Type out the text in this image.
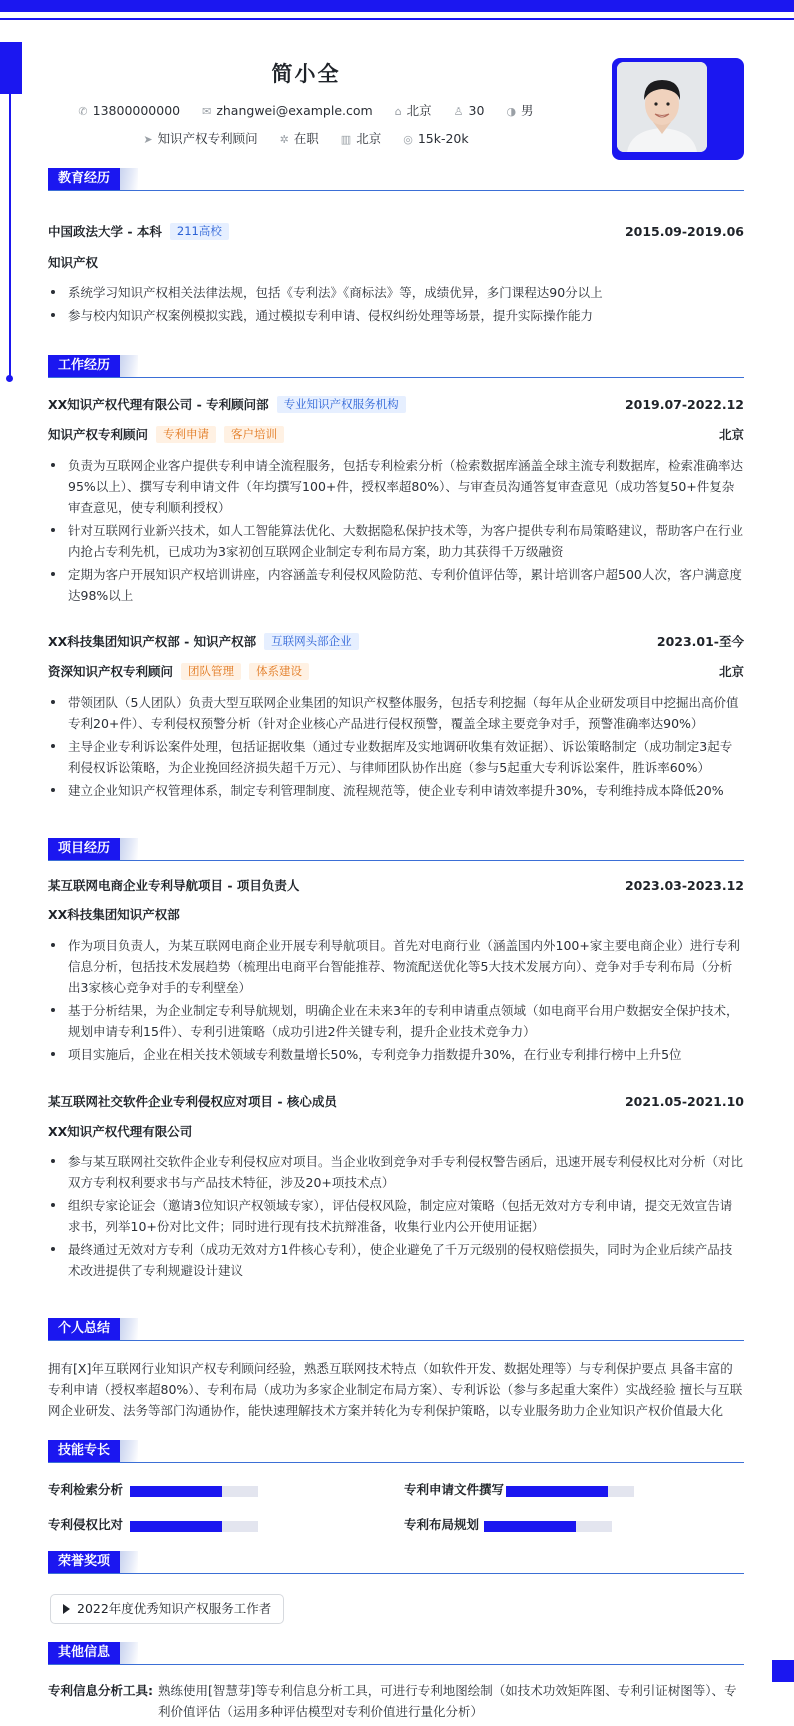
简小全
✆ 13800000000 ✉ zhangwei@example.com ⌂ 北京 ♙ 30 ◑ 男
➤ 知识产权专利顾问 ✲ 在职 ▥ 北京 ◎ 15k-20k
教育经历
中国政法大学 - 本科 211高校	2015.09-2019.06
知识产权
系统学习知识产权相关法律法规，包括《专利法》《商标法》等，成绩优异，多门课程达90分以上
参与校内知识产权案例模拟实践，通过模拟专利申请、侵权纠纷处理等场景，提升实际操作能力
工作经历
XX知识产权代理有限公司 - 专利顾问部 专业知识产权服务机构	2019.07-2022.12
知识产权专利顾问 专利申请 客户培训	北京
负责为互联网企业客户提供专利申请全流程服务，包括专利检索分析（检索数据库涵盖全球主流专利数据库，检索准确率达95%以上）、撰写专利申请文件（年均撰写100+件，授权率超80%）、与审查员沟通答复审查意见（成功答复50+件复杂审查意见，使专利顺利授权）
针对互联网行业新兴技术，如人工智能算法优化、大数据隐私保护技术等，为客户提供专利布局策略建议，帮助客户在行业内抢占专利先机，已成功为3家初创互联网企业制定专利布局方案，助力其获得千万级融资
定期为客户开展知识产权培训讲座，内容涵盖专利侵权风险防范、专利价值评估等，累计培训客户超500人次，客户满意度达98%以上
XX科技集团知识产权部 - 知识产权部 互联网头部企业	2023.01-至今
资深知识产权专利顾问 团队管理 体系建设	北京
带领团队（5人团队）负责大型互联网企业集团的知识产权整体服务，包括专利挖掘（每年从企业研发项目中挖掘出高价值专利20+件）、专利侵权预警分析（针对企业核心产品进行侵权预警，覆盖全球主要竞争对手，预警准确率达90%）
主导企业专利诉讼案件处理，包括证据收集（通过专业数据库及实地调研收集有效证据）、诉讼策略制定（成功制定3起专利侵权诉讼策略，为企业挽回经济损失超千万元）、与律师团队协作出庭（参与5起重大专利诉讼案件，胜诉率60%）
建立企业知识产权管理体系，制定专利管理制度、流程规范等，使企业专利申请效率提升30%，专利维持成本降低20%
项目经历
某互联网电商企业专利导航项目 - 项目负责人	2023.03-2023.12
XX科技集团知识产权部
作为项目负责人，为某互联网电商企业开展专利导航项目。首先对电商行业（涵盖国内外100+家主要电商企业）进行专利信息分析，包括技术发展趋势（梳理出电商平台智能推荐、物流配送优化等5大技术发展方向）、竞争对手专利布局（分析出3家核心竞争对手的专利壁垒）
基于分析结果，为企业制定专利导航规划，明确企业在未来3年的专利申请重点领域（如电商平台用户数据安全保护技术，规划申请专利15件）、专利引进策略（成功引进2件关键专利，提升企业技术竞争力）
项目实施后，企业在相关技术领域专利数量增长50%，专利竞争力指数提升30%，在行业专利排行榜中上升5位
某互联网社交软件企业专利侵权应对项目 - 核心成员	2021.05-2021.10
XX知识产权代理有限公司
参与某互联网社交软件企业专利侵权应对项目。当企业收到竞争对手专利侵权警告函后，迅速开展专利侵权比对分析（对比双方专利权利要求书与产品技术特征，涉及20+项技术点）
组织专家论证会（邀请3位知识产权领域专家），评估侵权风险，制定应对策略（包括无效对方专利申请，提交无效宣告请求书，列举10+份对比文件；同时进行现有技术抗辩准备，收集行业内公开使用证据）
最终通过无效对方专利（成功无效对方1件核心专利），使企业避免了千万元级别的侵权赔偿损失，同时为企业后续产品技术改进提供了专利规避设计建议
个人总结
拥有[X]年互联网行业知识产权专利顾问经验，熟悉互联网技术特点（如软件开发、数据处理等）与专利保护要点 具备丰富的专利申请（授权率超80%）、专利布局（成功为多家企业制定布局方案）、专利诉讼（参与多起重大案件）实战经验 擅长与互联网企业研发、法务等部门沟通协作，能快速理解技术方案并转化为专利保护策略，以专业服务助力企业知识产权价值最大化
技能专长
专利检索分析	专利申请文件撰写
专利侵权比对	专利布局规划
荣誉奖项
2022年度优秀知识产权服务工作者
其他信息
专利信息分析工具: 熟练使用[智慧芽]等专利信息分析工具，可进行专利地图绘制（如技术功效矩阵图、专利引证树图等）、专利价值评估（运用多种评估模型对专利价值进行量化分析）
